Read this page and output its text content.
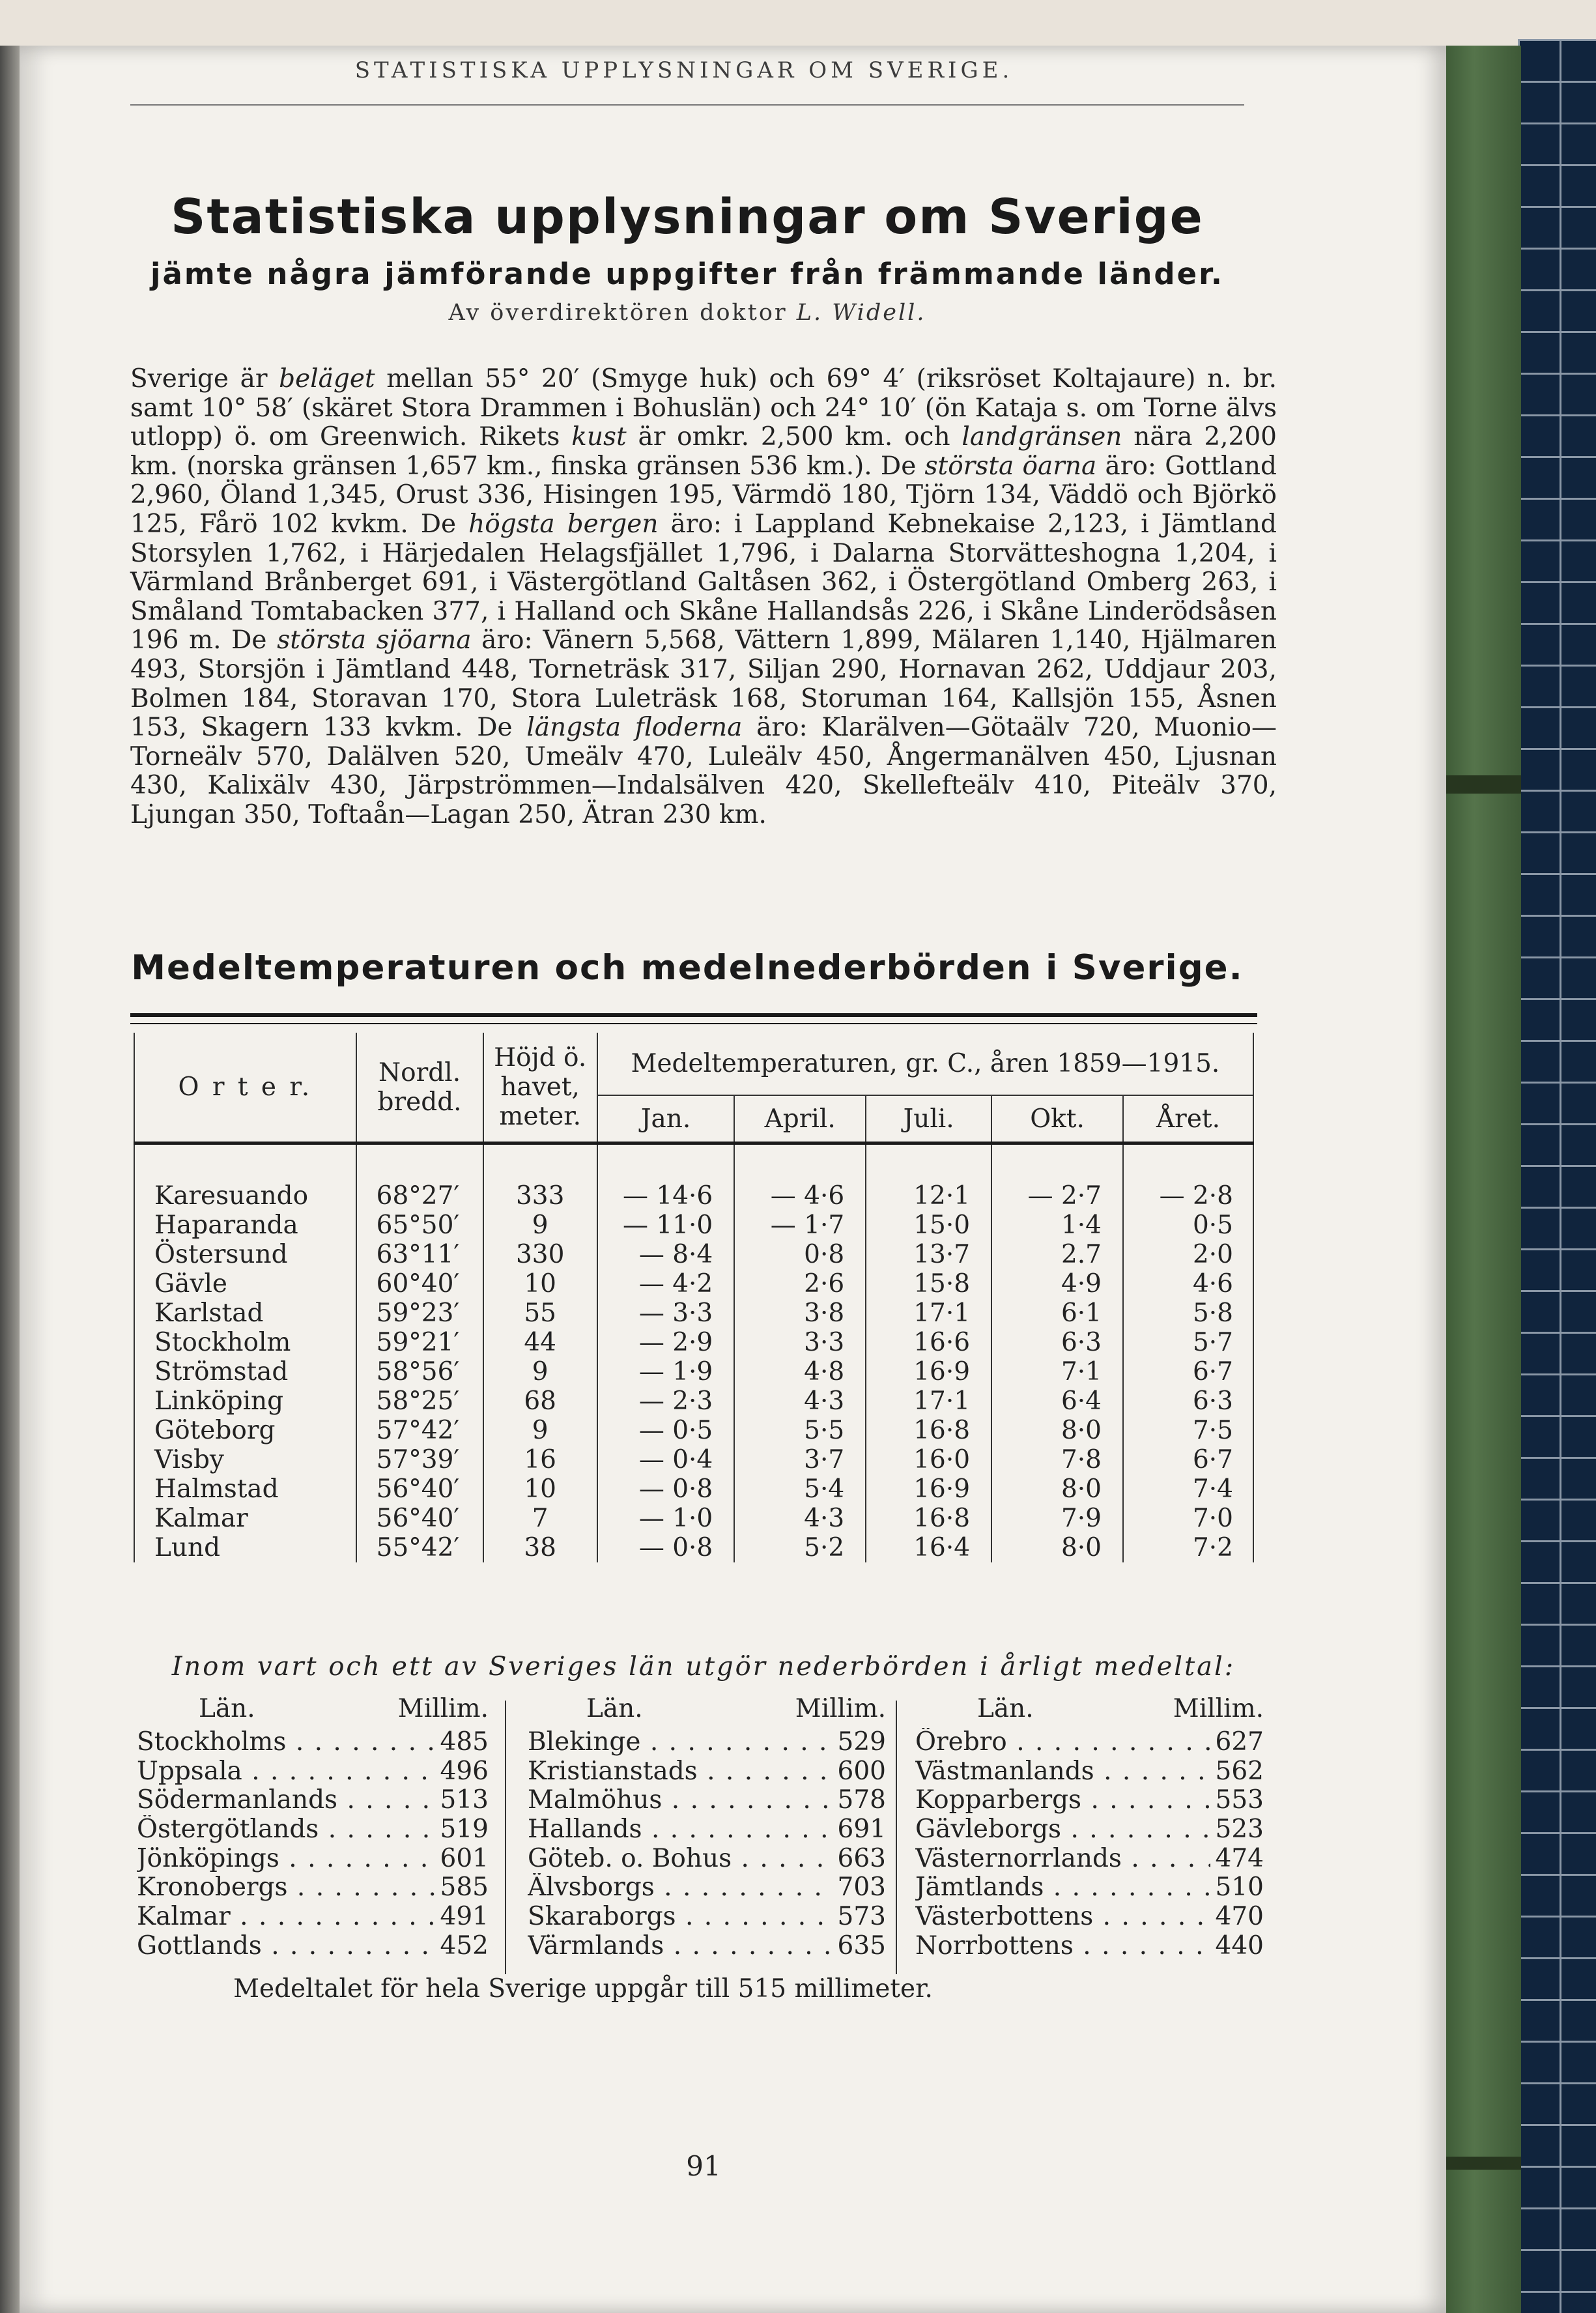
STATISTISKA UPPLYSNINGAR OM SVERIGE.
Statistiska upplysningar om Sverige
jämte några jämförande uppgifter från främmande länder.
Av överdirektören doktor L. Widell.
Sverige är beläget mellan 55° 20′ (Smyge huk) och 69° 4′ (riksröset Koltajaure) n. br. samt 10° 58′ (skäret Stora Drammen i Bohuslän) och 24° 10′ (ön Kataja s. om Torne älvs utlopp) ö. om Greenwich. Rikets kust är omkr. 2,500 km. och landgränsen nära 2,200 km. (norska gränsen 1,657 km., finska gränsen 536 km.). De största öarna äro: Gottland 2,960, Öland 1,345, Orust 336, Hisingen 195, Värmdö 180, Tjörn 134, Väddö och Björkö 125, Fårö 102 kvkm. De högsta bergen äro: i Lappland Kebnekaise 2,123, i Jämtland Storsylen 1,762, i Härjedalen Helagsfjället 1,796, i Dalarna Storvätteshogna 1,204, i Värmland Brånberget 691, i Västergötland Galtåsen 362, i Östergötland Omberg 263, i Småland Tomtabacken 377, i Halland och Skåne Hallandsås 226, i Skåne Linderödsåsen 196 m. De största sjöarna äro: Vänern 5,568, Vättern 1,899, Mälaren 1,140, Hjälmaren 493, Storsjön i Jämtland 448, Torneträsk 317, Siljan 290, Hornavan 262, Uddjaur 203, Bolmen 184, Storavan 170, Stora Luleträsk 168, Storuman 164, Kallsjön 155, Åsnen 153, Skagern 133 kvkm. De längsta floderna äro: Klarälven—Götaälv 720, Muonio—Torneälv 570, Dalälven 520, Umeälv 470, Luleälv 450, Ångermanälven 450, Ljusnan 430, Kalixälv 430, Järpströmmen—Indalsälven 420, Skellefteälv 410, Piteälv 370, Ljungan 350, Toftaån—Lagan 250, Ätran 230 km.
Medeltemperaturen och medelnederbörden i Sverige.
O r t e r.	Nordl. bredd.	Höjd ö. havet, meter.	Medeltemperaturen, gr. C., åren 1859—1915.				
			Jan.	April.	Juli.	Okt.	Året.

Karesuando	68°27′	333	— 14·6	— 4·6	12·1	— 2·7	— 2·8
Haparanda	65°50′	9	— 11·0	— 1·7	15·0	1·4	0·5
Östersund	63°11′	330	— 8·4	0·8	13·7	2.7	2·0
Gävle	60°40′	10	— 4·2	2·6	15·8	4·9	4·6
Karlstad	59°23′	55	— 3·3	3·8	17·1	6·1	5·8
Stockholm	59°21′	44	— 2·9	3·3	16·6	6·3	5·7
Strömstad	58°56′	9	— 1·9	4·8	16·9	7·1	6·7
Linköping	58°25′	68	— 2·3	4·3	17·1	6·4	6·3
Göteborg	57°42′	9	— 0·5	5·5	16·8	8·0	7·5
Visby	57°39′	16	— 0·4	3·7	16·0	7·8	6·7
Halmstad	56°40′	10	— 0·8	5·4	16·9	8·0	7·4
Kalmar	56°40′	7	— 1·0	4·3	16·8	7·9	7·0
Lund	55°42′	38	— 0·8	5·2	16·4	8·0	7·2
Inom vart och ett av Sveriges län utgör nederbörden i årligt medeltal:
Län.	Millim.
Stockholms . . .	485
Uppsala . . .	496
Södermanlands . . .	513
Östergötlands . . .	519
Jönköpings . . .	601
Kronobergs . . .	585
Kalmar . . .	491
Gottlands . . .	452
Län.	Millim.
Blekinge . . .	529
Kristianstads . . .	600
Malmöhus . . .	578
Hallands . . .	691
Göteb. o. Bohus . . .	663
Älvsborgs . . .	703
Skaraborgs . . .	573
Värmlands . . .	635
Län.	Millim.
Örebro . . .	627
Västmanlands . . .	562
Kopparbergs . . .	553
Gävleborgs . . .	523
Västernorrlands . . .	474
Jämtlands . . .	510
Västerbottens . . .	470
Norrbottens . . .	440
Medeltalet för hela Sverige uppgår till 515 millimeter.
91
